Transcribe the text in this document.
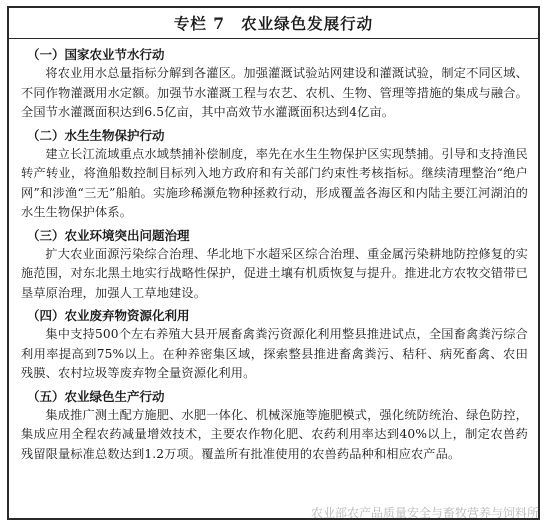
专栏 7 农业绿色发展行动
（一）国家农业节水行动

将农业用水总量指标分解到各灌区。加强灌溉试验站网建设和灌溉试验，制定不同区域、不同作物灌溉用水定额。加强节水灌溉工程与农艺、农机、生物、管理等措施的集成与融合。全国节水灌溉面积达到6.5亿亩，其中高效节水灌溉面积达到4亿亩。

（二）水生生物保护行动

建立长江流域重点水域禁捕补偿制度，率先在水生生物保护区实现禁捕。引导和支持渔民转产转业，将渔船数控制目标列入地方政府和有关部门约束性考核指标。继续清理整治“绝户网”和涉渔“三无”船舶。实施珍稀濒危物种拯救行动，形成覆盖各海区和内陆主要江河湖泊的水生生物保护体系。

（三）农业环境突出问题治理

扩大农业面源污染综合治理、华北地下水超采区综合治理、重金属污染耕地防控修复的实施范围，对东北黑土地实行战略性保护，促进土壤有机质恢复与提升。推进北方农牧交错带已垦草原治理，加强人工草地建设。

（四）农业废弃物资源化利用

集中支持500个左右养殖大县开展畜禽粪污资源化利用整县推进试点，全国畜禽粪污综合利用率提高到75%以上。在种养密集区域，探索整县推进畜禽粪污、秸秆、病死畜禽、农田残膜、农村垃圾等废弃物全量资源化利用。

（五）农业绿色生产行动

集成推广测土配方施肥、水肥一体化、机械深施等施肥模式，强化统防统治、绿色防控，集成应用全程农药减量增效技术，主要农作物化肥、农药利用率达到40%以上，制定农兽药残留限量标准总数达到1.2万项。覆盖所有批准使用的农兽药品种和相应农产品。

农业部农产品质量安全与畜牧营养与饲料所
